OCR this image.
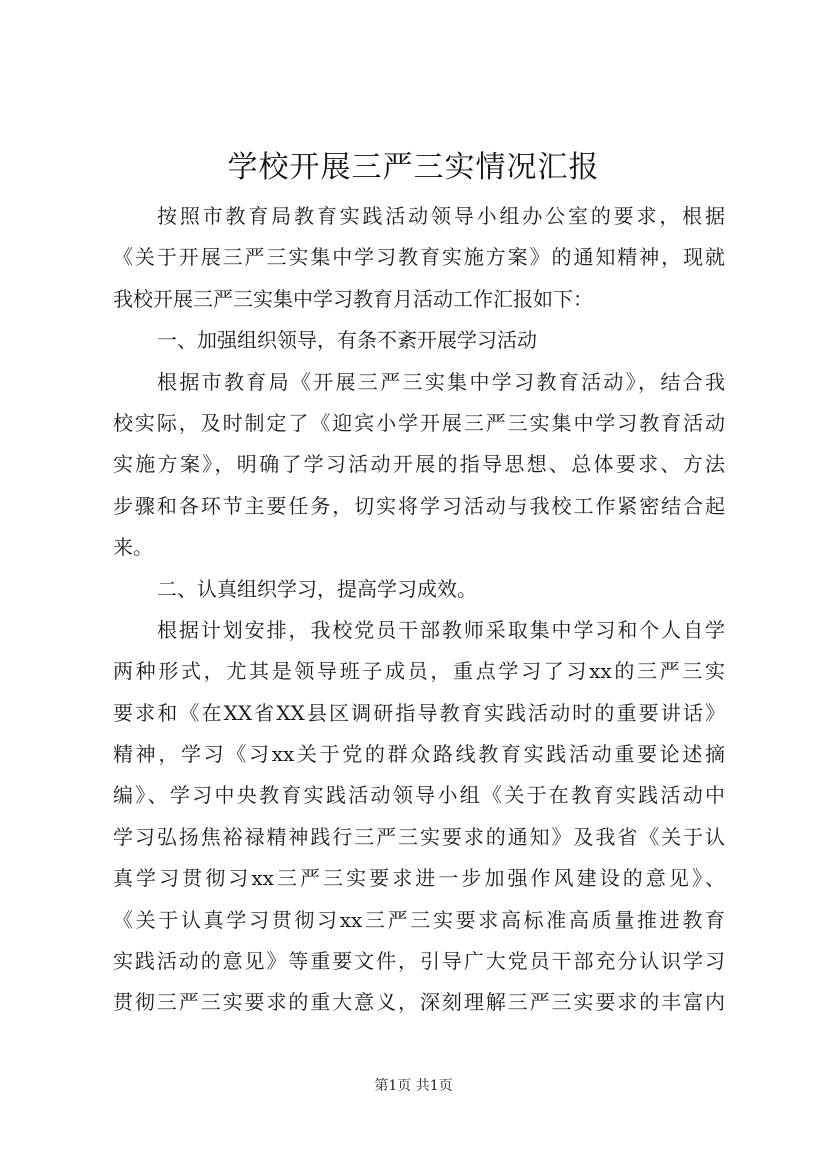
学校开展三严三实情况汇报
按照市教育局教育实践活动领导小组办公室的要求，根据
《关于开展三严三实集中学习教育实施方案》的通知精神，现就
我校开展三严三实集中学习教育月活动工作汇报如下：
一、加强组织领导，有条不紊开展学习活动
根据市教育局《开展三严三实集中学习教育活动》，结合我
校实际，及时制定了《迎宾小学开展三严三实集中学习教育活动
实施方案》，明确了学习活动开展的指导思想、总体要求、方法
步骤和各环节主要任务，切实将学习活动与我校工作紧密结合起
来。
二、认真组织学习，提高学习成效。
根据计划安排，我校党员干部教师采取集中学习和个人自学
两种形式，尤其是领导班子成员，重点学习了习xx的三严三实
要求和《在XX省XX县区调研指导教育实践活动时的重要讲话》
精神，学习《习xx关于党的群众路线教育实践活动重要论述摘
编》、学习中央教育实践活动领导小组《关于在教育实践活动中
学习弘扬焦裕禄精神践行三严三实要求的通知》及我省《关于认
真学习贯彻习xx三严三实要求进一步加强作风建设的意见》、
《关于认真学习贯彻习xx三严三实要求高标准高质量推进教育
实践活动的意见》等重要文件，引导广大党员干部充分认识学习
贯彻三严三实要求的重大意义，深刻理解三严三实要求的丰富内
第1页 共1页
